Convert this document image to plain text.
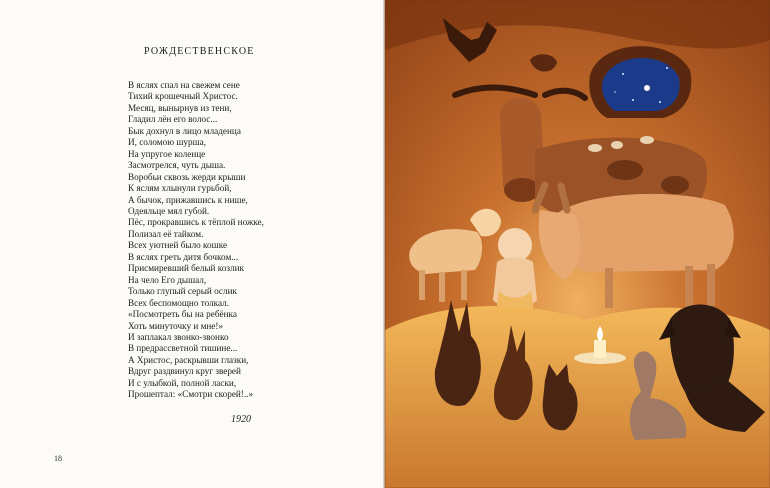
РОЖДЕСТВЕНСКОЕ
В яслях спал на свежем сене
Тихий крошечный Христос.
Месяц, вынырнув из тени,
Гладил лён его волос...
Бык дохнул в лицо младенца
И, соломою шурша,
На упругое коленце
Засмотрелся, чуть дыша.
Воробьи сквозь жерди крыши
К яслям хлынули гурьбой,
А бычок, прижавшись к нише,
Одеяльце мял губой.
Пёс, прокравшись к тёплой ножке,
Полизал её тайком.
Всех уютней было кошке
В яслях греть дитя бочком...
Присмиревший белый козлик
На чело Его дышал,
Только глупый серый ослик
Всех беспомощно толкал.
«Посмотреть бы на ребёнка
Хоть минуточку и мне!»
И заплакал звонко-звонко
В предрассветной тишине...
А Христос, раскрывши глазки,
Вдруг раздвинул круг зверей
И с улыбкой, полной ласки,
Прошептал: «Смотри скорей!..»
1920
18
